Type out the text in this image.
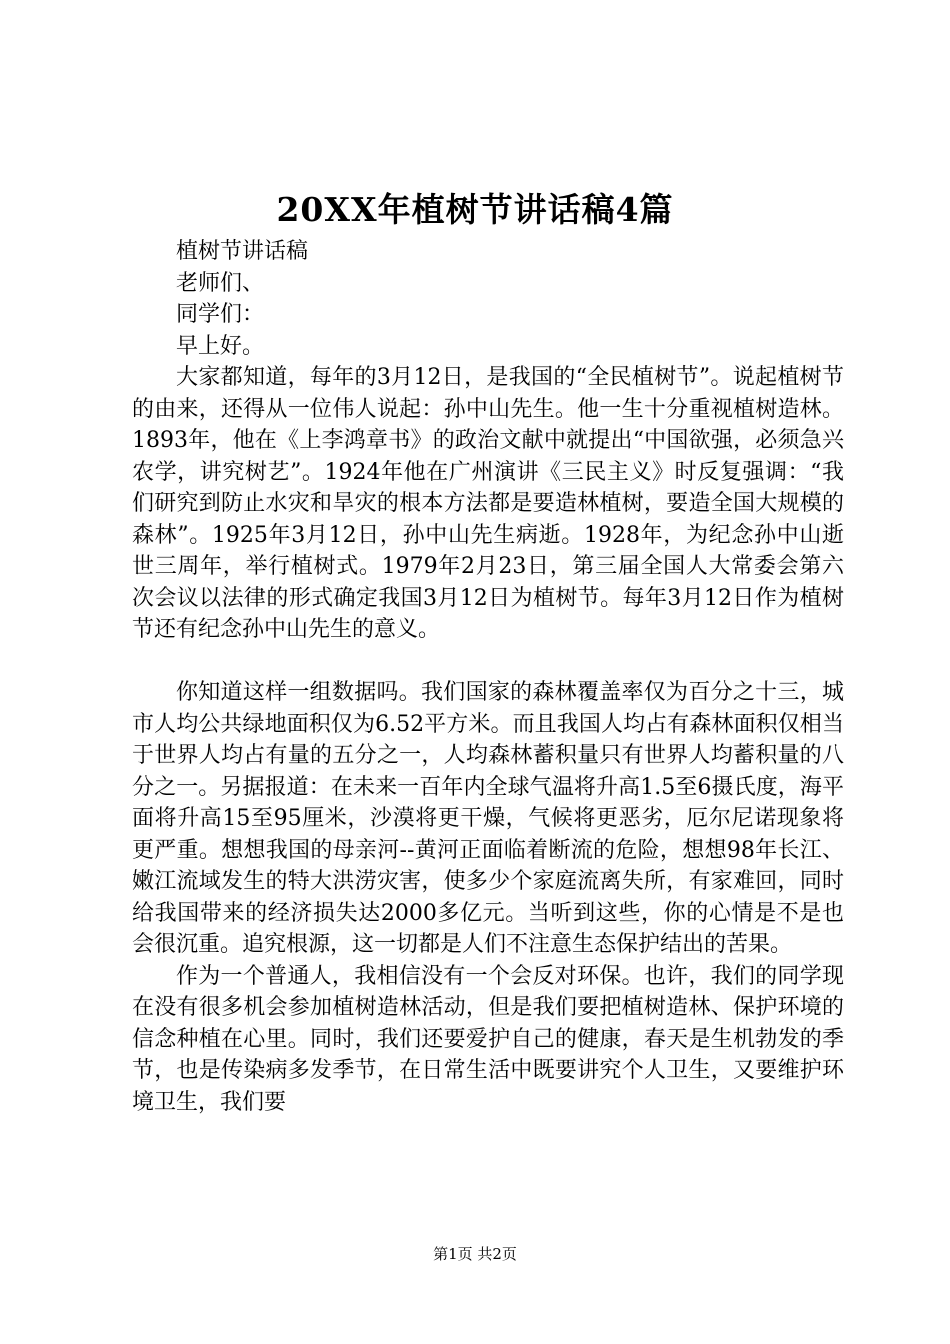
20XX年植树节讲话稿4篇
植树节讲话稿
老师们、
同学们：
早上好。

大家都知道，每年的3月12日，是我国的“全民植树节”。说起植树节的由来，还得从一位伟人说起：孙中山先生。他一生十分重视植树造林。1893年，他在《上李鸿章书》的政治文献中就提出“中国欲强，必须急兴农学，讲究树艺”。1924年他在广州演讲《三民主义》时反复强调：“我们研究到防止水灾和旱灾的根本方法都是要造林植树，要造全国大规模的森林”。1925年3月12日，孙中山先生病逝。1928年，为纪念孙中山逝世三周年，举行植树式。1979年2月23日，第三届全国人大常委会第六次会议以法律的形式确定我国3月12日为植树节。每年3月12日作为植树节还有纪念孙中山先生的意义。

你知道这样一组数据吗。我们国家的森林覆盖率仅为百分之十三，城市人均公共绿地面积仅为6.52平方米。而且我国人均占有森林面积仅相当于世界人均占有量的五分之一，人均森林蓄积量只有世界人均蓄积量的八分之一。另据报道：在未来一百年内全球气温将升高1.5至6摄氏度，海平面将升高15至95厘米，沙漠将更干燥，气候将更恶劣，厄尔尼诺现象将更严重。想想我国的母亲河--黄河正面临着断流的危险，想想98年长江、嫩江流域发生的特大洪涝灾害，使多少个家庭流离失所，有家难回，同时给我国带来的经济损失达2000多亿元。当听到这些，你的心情是不是也会很沉重。追究根源，这一切都是人们不注意生态保护结出的苦果。

作为一个普通人，我相信没有一个会反对环保。也许，我们的同学现在没有很多机会参加植树造林活动，但是我们要把植树造林、保护环境的信念种植在心里。同时，我们还要爱护自己的健康，春天是生机勃发的季节，也是传染病多发季节，在日常生活中既要讲究个人卫生，又要维护环境卫生，我们要

第1页 共2页
